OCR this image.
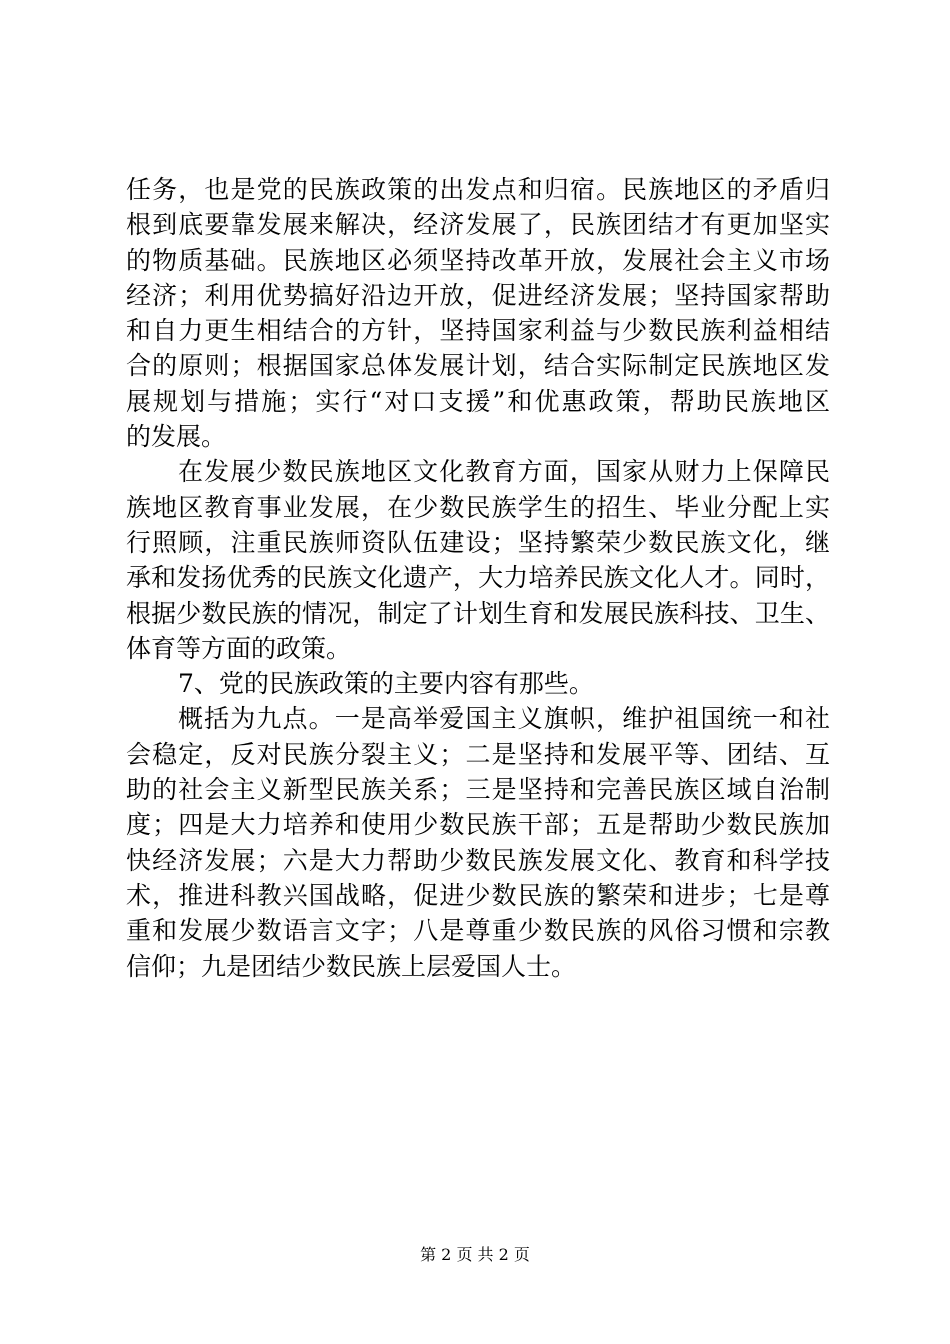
任务，也是党的民族政策的出发点和归宿。民族地区的矛盾归
根到底要靠发展来解决，经济发展了，民族团结才有更加坚实
的物质基础。民族地区必须坚持改革开放，发展社会主义市场
经济；利用优势搞好沿边开放，促进经济发展；坚持国家帮助
和自力更生相结合的方针，坚持国家利益与少数民族利益相结
合的原则；根据国家总体发展计划，结合实际制定民族地区发
展规划与措施；实行“对口支援”和优惠政策，帮助民族地区
的发展。
在发展少数民族地区文化教育方面，国家从财力上保障民
族地区教育事业发展，在少数民族学生的招生、毕业分配上实
行照顾，注重民族师资队伍建设；坚持繁荣少数民族文化，继
承和发扬优秀的民族文化遗产，大力培养民族文化人才。同时，
根据少数民族的情况，制定了计划生育和发展民族科技、卫生、
体育等方面的政策。
7、党的民族政策的主要内容有那些。
概括为九点。一是高举爱国主义旗帜，维护祖国统一和社
会稳定，反对民族分裂主义；二是坚持和发展平等、团结、互
助的社会主义新型民族关系；三是坚持和完善民族区域自治制
度；四是大力培养和使用少数民族干部；五是帮助少数民族加
快经济发展；六是大力帮助少数民族发展文化、教育和科学技
术，推进科教兴国战略，促进少数民族的繁荣和进步；七是尊
重和发展少数语言文字；八是尊重少数民族的风俗习惯和宗教
信仰；九是团结少数民族上层爱国人士。
第 2 页 共 2 页
